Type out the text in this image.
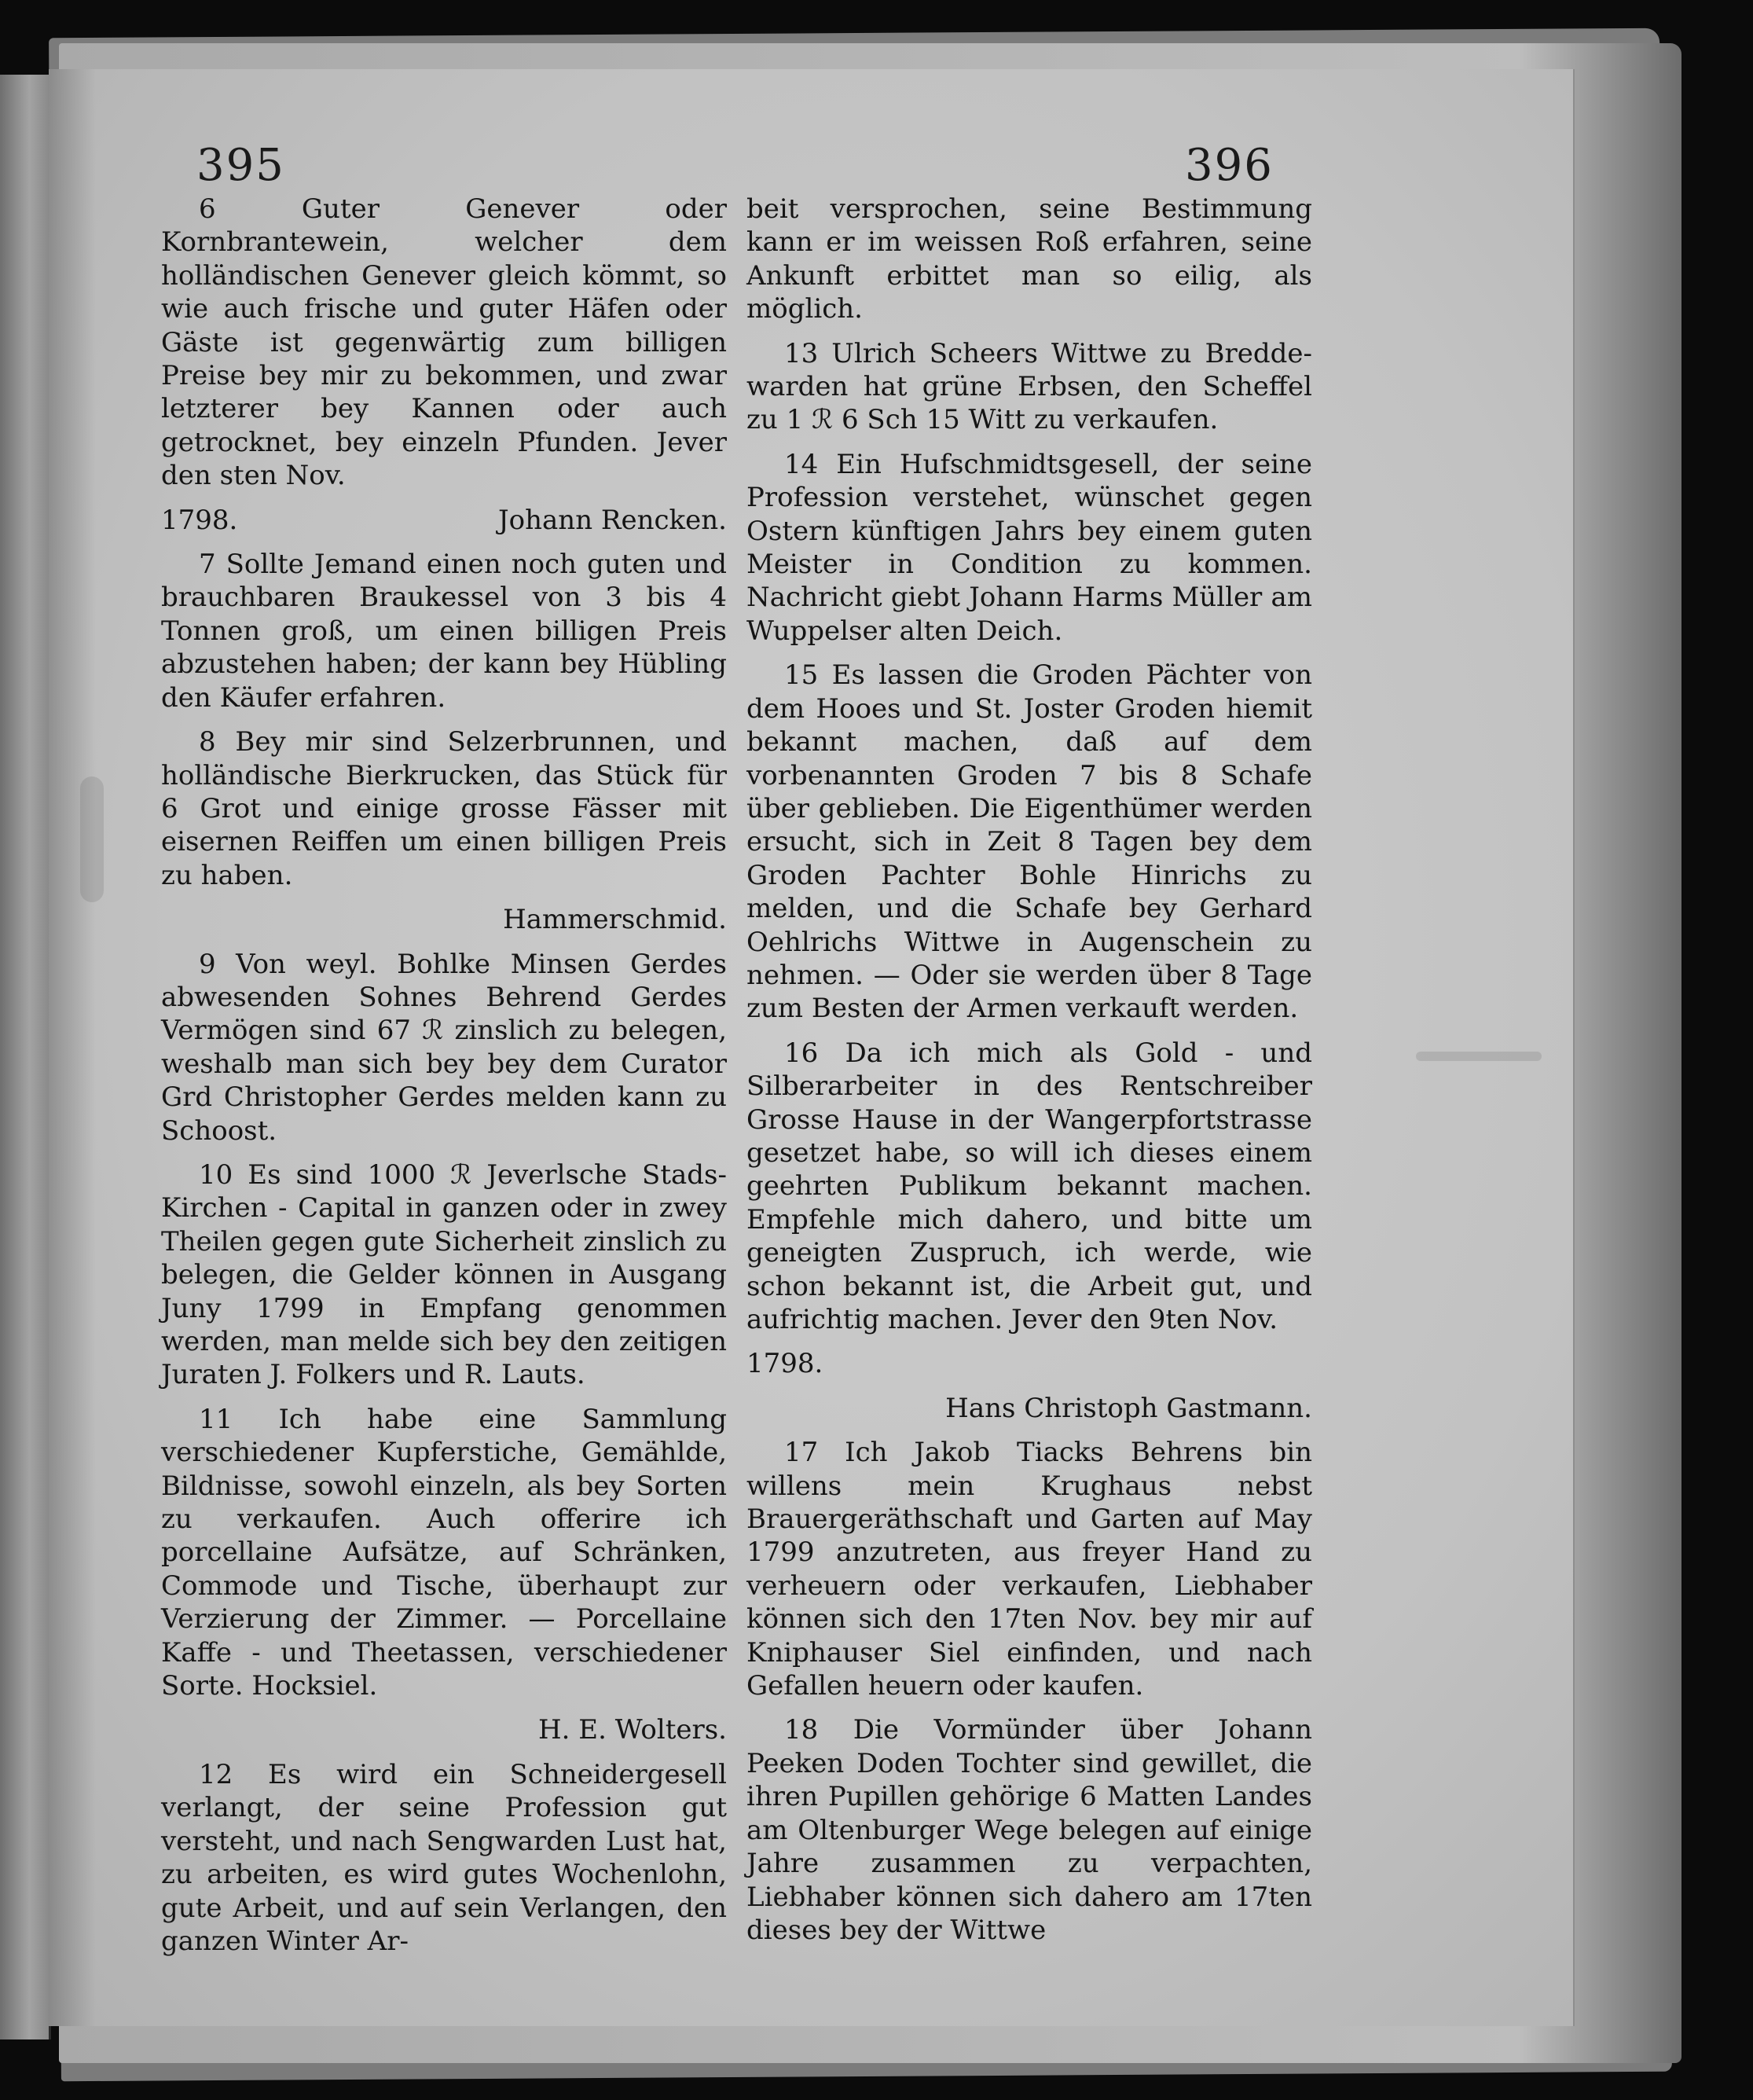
395	396

6 Guter Genever oder Kornbrantewein, welcher dem holländischen Genever gleich kömmt, so wie auch frische und guter Häfen oder Gäste ist gegenwärtig zum billigen Preise bey mir zu bekommen, und zwar letzterer bey Kannen oder auch getrocknet, bey einzeln Pfunden. Jever den sten Nov.

1798.	Johann Rencken.

7 Sollte Jemand einen noch guten und brauchbaren Braukessel von 3 bis 4 Tonnen groß, um einen billigen Preis abzustehen haben; der kann bey Hübling den Käufer erfahren.

8 Bey mir sind Selzerbrunnen, und holländische Bierkrucken, das Stück für 6 Grot und einige grosse Fässer mit eisernen Reiffen um einen billigen Preis zu haben.

Hammerschmid.

9 Von weyl. Bohlke Minsen Gerdes abwesenden Sohnes Behrend Gerdes Vermögen sind 67 ℛ zinslich zu belegen, weshalb man sich bey bey dem Curator Grd Christopher Gerdes melden kann zu Schoost.

10 Es sind 1000 ℛ Jeverlsche Stads-Kirchen - Capital in ganzen oder in zwey Theilen gegen gute Sicherheit zinslich zu belegen, die Gelder können in Ausgang Juny 1799 in Empfang genommen werden, man melde sich bey den zeitigen Juraten J. Folkers und R. Lauts.

11 Ich habe eine Sammlung verschiedener Kupferstiche, Gemählde, Bildnisse, sowohl einzeln, als bey Sorten zu verkaufen. Auch offerire ich porcellaine Aufsätze, auf Schränken, Commode und Tische, überhaupt zur Verzierung der Zimmer. — Porcellaine Kaffe - und Theetassen, verschiedener Sorte. Hocksiel.

H. E. Wolters.

12 Es wird ein Schneidergesell verlangt, der seine Profession gut versteht, und nach Sengwarden Lust hat, zu arbeiten, es wird gutes Wochenlohn, gute Arbeit, und auf sein Verlangen, den ganzen Winter Ar-

beit versprochen, seine Bestimmung kann er im weissen Roß erfahren, seine Ankunft erbittet man so eilig, als möglich.

13 Ulrich Scheers Wittwe zu Bredde-warden hat grüne Erbsen, den Scheffel zu 1 ℛ 6 Sch 15 Witt zu verkaufen.

14 Ein Hufschmidtsgesell, der seine Profession verstehet, wünschet gegen Ostern künftigen Jahrs bey einem guten Meister in Condition zu kommen. Nachricht giebt Johann Harms Müller am Wuppelser alten Deich.

15 Es lassen die Groden Pächter von dem Hooes und St. Joster Groden hiemit bekannt machen, daß auf dem vorbenannten Groden 7 bis 8 Schafe über geblieben. Die Eigenthümer werden ersucht, sich in Zeit 8 Tagen bey dem Groden Pachter Bohle Hinrichs zu melden, und die Schafe bey Gerhard Oehlrichs Wittwe in Augenschein zu nehmen. — Oder sie werden über 8 Tage zum Besten der Armen verkauft werden.

16 Da ich mich als Gold - und Silberarbeiter in des Rentschreiber Grosse Hause in der Wangerpfortstrasse gesetzet habe, so will ich dieses einem geehrten Publikum bekannt machen. Empfehle mich dahero, und bitte um geneigten Zuspruch, ich werde, wie schon bekannt ist, die Arbeit gut, und aufrichtig machen. Jever den 9ten Nov.

1798.

Hans Christoph Gastmann.

17 Ich Jakob Tiacks Behrens bin willens mein Krughaus nebst Brauergeräthschaft und Garten auf May 1799 anzutreten, aus freyer Hand zu verheuern oder verkaufen, Liebhaber können sich den 17ten Nov. bey mir auf Kniphauser Siel einfinden, und nach Gefallen heuern oder kaufen.

18 Die Vormünder über Johann Peeken Doden Tochter sind gewillet, die ihren Pupillen gehörige 6 Matten Landes am Oltenburger Wege belegen auf einige Jahre zusammen zu verpachten, Liebhaber können sich dahero am 17ten dieses bey der Wittwe
